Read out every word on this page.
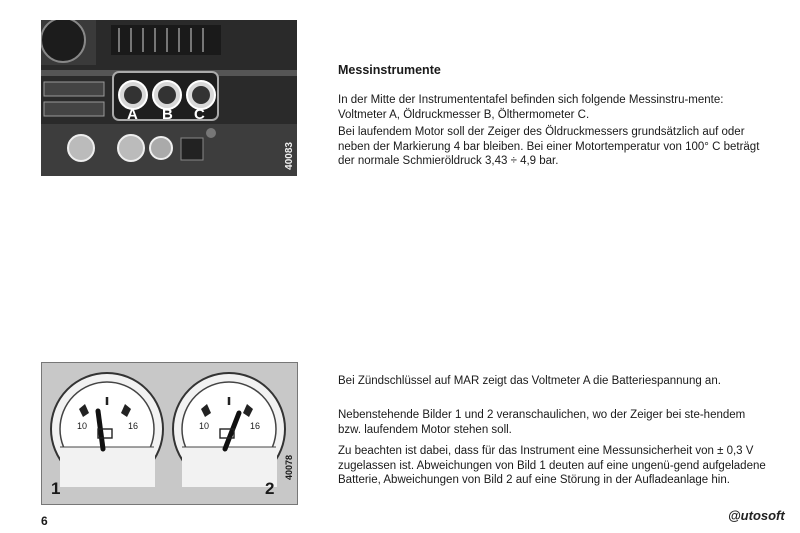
A B C
40083
Messinstrumente

In der Mitte der Instrumententafel befinden sich folgende Messinstru-mente: Voltmeter A, Öldruckmesser B, Ölthermometer C.

Bei laufendem Motor soll der Zeiger des Öldruckmessers grundsätzlich auf oder neben der Markierung 4 bar bleiben. Bei einer Motortemperatur von 100° C beträgt der normale Schmieröldruck 3,43 ÷ 4,9 bar.

Bei Zündschlüssel auf MAR zeigt das Voltmeter A die Batteriespannung an.

Nebenstehende Bilder 1 und 2 veranschaulichen, wo der Zeiger bei ste-hendem bzw. laufendem Motor stehen soll.

Zu beachten ist dabei, dass für das Instrument eine Messunsicherheit von ± 0,3 V zugelassen ist. Abweichungen von Bild 1 deuten auf eine ungenü-gend aufgeladene Batterie, Abweichungen von Bild 2 auf eine Störung in der Aufladeanlage hin.

10	16	10	16
1	2
40078
6	@utosoft
